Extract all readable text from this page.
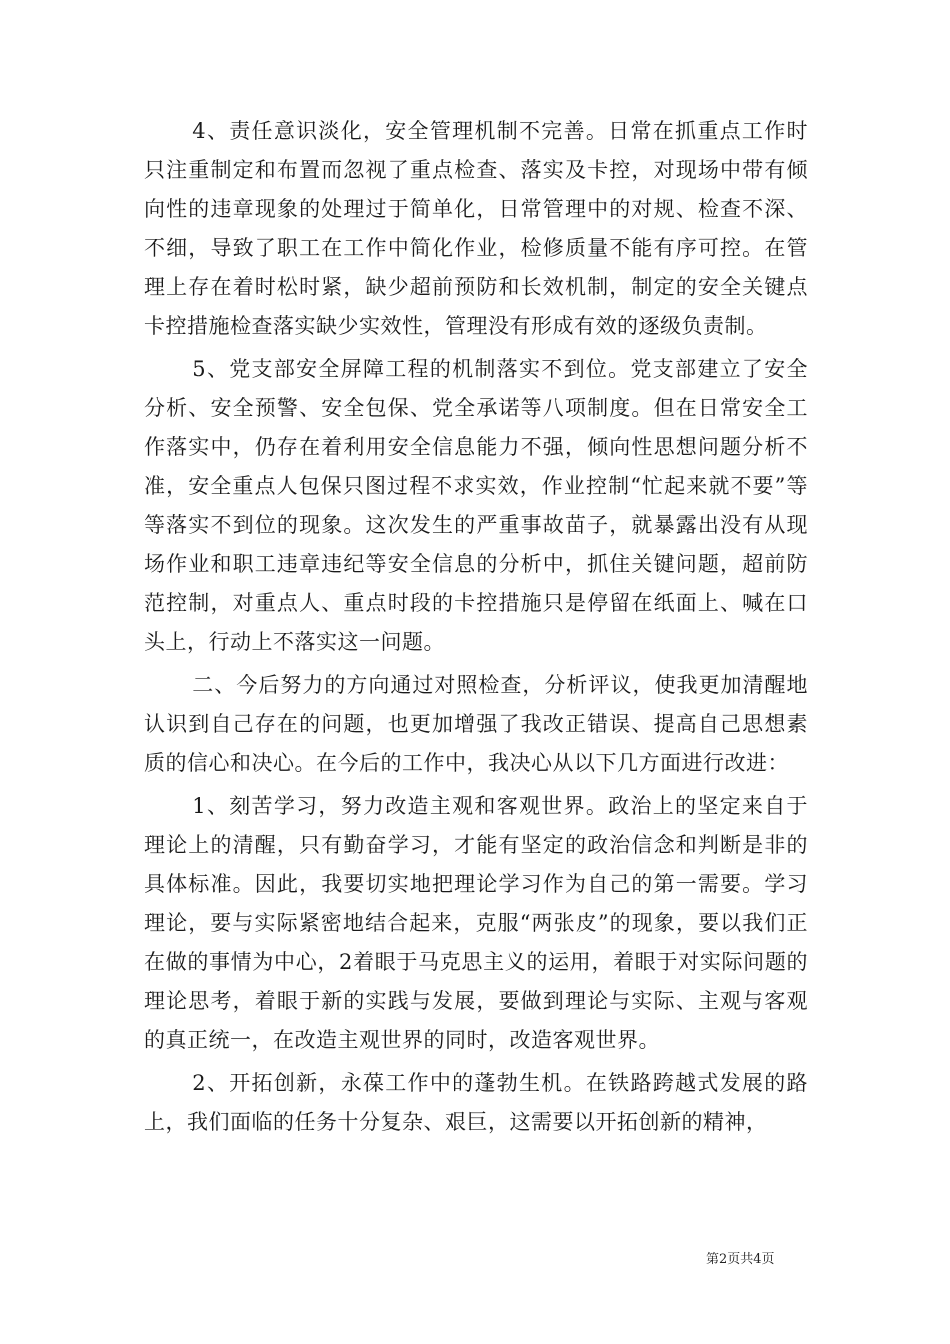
4、责任意识淡化，安全管理机制不完善。日常在抓重点工作时只注重制定和布置而忽视了重点检查、落实及卡控，对现场中带有倾向性的违章现象的处理过于简单化，日常管理中的对规、检查不深、不细，导致了职工在工作中简化作业，检修质量不能有序可控。在管理上存在着时松时紧，缺少超前预防和长效机制，制定的安全关键点卡控措施检查落实缺少实效性，管理没有形成有效的逐级负责制。

5、党支部安全屏障工程的机制落实不到位。党支部建立了安全分析、安全预警、安全包保、党全承诺等八项制度。但在日常安全工作落实中，仍存在着利用安全信息能力不强，倾向性思想问题分析不准，安全重点人包保只图过程不求实效，作业控制“忙起来就不要”等等落实不到位的现象。这次发生的严重事故苗子，就暴露出没有从现场作业和职工违章违纪等安全信息的分析中，抓住关键问题，超前防范控制，对重点人、重点时段的卡控措施只是停留在纸面上、喊在口头上，行动上不落实这一问题。

二、今后努力的方向通过对照检查，分析评议，使我更加清醒地认识到自己存在的问题，也更加增强了我改正错误、提高自己思想素质的信心和决心。在今后的工作中，我决心从以下几方面进行改进：

1、刻苦学习，努力改造主观和客观世界。政治上的坚定来自于理论上的清醒，只有勤奋学习，才能有坚定的政治信念和判断是非的具体标准。因此，我要切实地把理论学习作为自己的第一需要。学习理论，要与实际紧密地结合起来，克服“两张皮”的现象，要以我们正在做的事情为中心，2着眼于马克思主义的运用，着眼于对实际问题的理论思考，着眼于新的实践与发展，要做到理论与实际、主观与客观的真正统一，在改造主观世界的同时，改造客观世界。

2、开拓创新，永葆工作中的蓬勃生机。在铁路跨越式发展的路上，我们面临的任务十分复杂、艰巨，这需要以开拓创新的精神，

第2页共4页
